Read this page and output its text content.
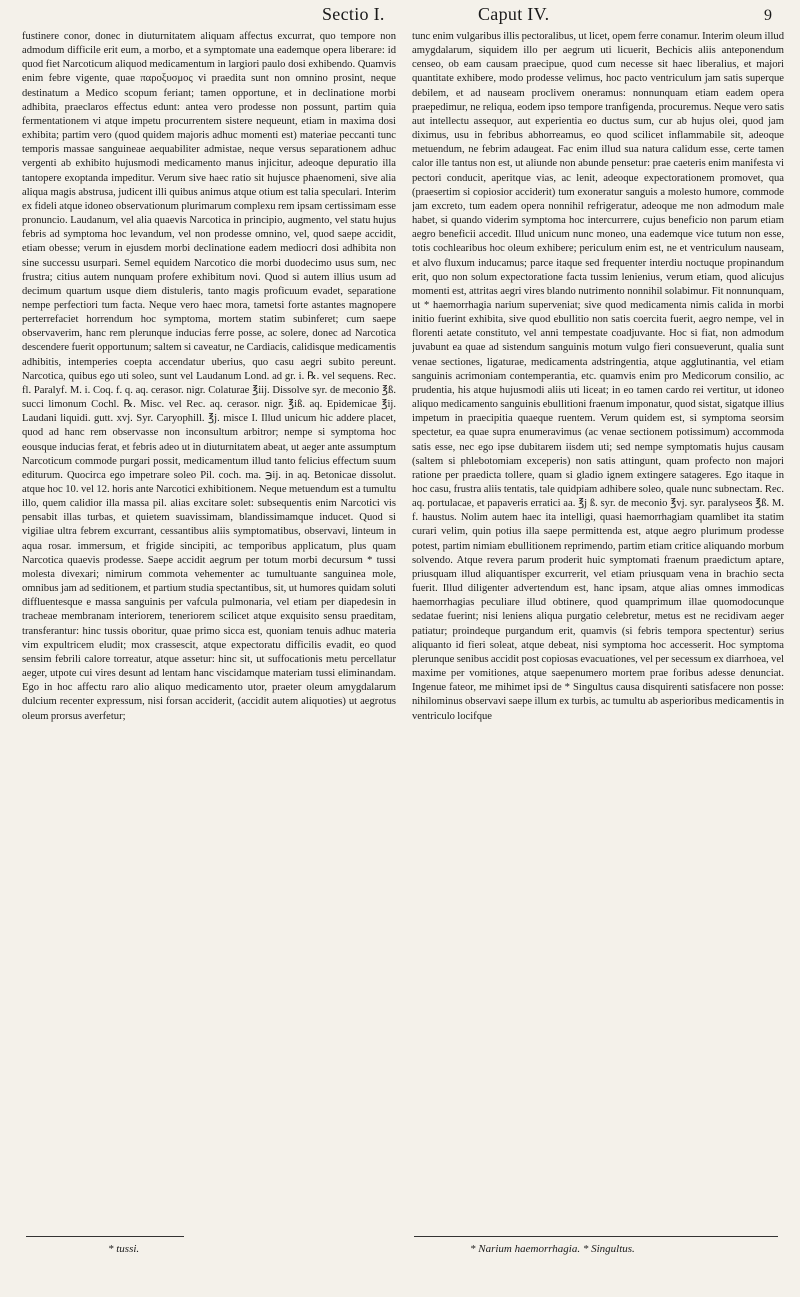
Sectio I.	Caput IV.	9

fustinere conor, donec in diuturnitatem aliquam affectus excurrat, quo tempore non admodum difficile erit eum, a morbo, et a symptomate una eademque opera liberare: id quod fiet Narcoticum aliquod medicamentum in largiori paulo dosi exhibendo. Quamvis enim febre vigente, quae παροξυσμος vi praedita sunt non omnino prosint, neque destinatum a Medico scopum feriant; tamen opportune, et in declinatione morbi adhibita, praeclaros effectus edunt: antea vero prodesse non possunt, partim quia fermentationem vi atque impetu procurrentem sistere nequeunt, etiam in maxima dosi exhibita; partim vero (quod quidem majoris adhuc momenti est) materiae peccanti tunc temporis massae sanguineae aequabiliter admistae, neque versus separationem adhuc vergenti ab exhibito hujusmodi medicamento manus injicitur, adeoque depuratio illa tantopere exoptanda impeditur. Verum sive haec ratio sit hujusce phaenomeni, sive alia aliqua magis abstrusa, judicent illi quibus animus atque otium est talia speculari. Interim ex fideli atque idoneo observationum plurimarum complexu rem ipsam certissimam esse pronuncio. Laudanum, vel alia quaevis Narcotica in principio, augmento, vel statu hujus febris ad symptoma hoc levandum, vel non prodesse omnino, vel, quod saepe accidit, etiam obesse; verum in ejusdem morbi declinatione eadem mediocri dosi adhibita non sine successu usurpari. Semel equidem Narcotico die morbi duodecimo usus sum, nec frustra; citius autem nunquam profere exhibitum novi. Quod si autem illius usum ad decimum quartum usque diem distuleris, tanto magis proficuum evadet, separatione nempe perfectiori tum facta. Neque vero haec mora, tametsi forte astantes magnopere perterrefaciet horrendum hoc symptoma, mortem statim subinferet; cum saepe observaverim, hanc rem plerunque inducias ferre posse, ac solere, donec ad Narcotica descendere fuerit opportunum; saltem si caveatur, ne Cardiacis, calidisque medicamentis adhibitis, intemperies coepta accendatur uberius, quo casu aegri subito pereunt. Narcotica, quibus ego uti soleo, sunt vel Laudanum Lond. ad gr. i. ℞. vel sequens. Rec. fl. Paralyf. M. i. Coq. f. q. aq. cerasor. nigr. Colaturae ℥iij. Dissolve syr. de meconio ℥ß. succi limonum Cochl. ℞. Misc. vel Rec. aq. cerasor. nigr. ℥iß. aq. Epidemicae ℥ij. Laudani liquidi. gutt. xvj. Syr. Caryophill. ℥j. misce I. Illud unicum hic addere placet, quod ad hanc rem observasse non inconsultum arbitror; nempe si symptoma hoc eousque inducias ferat, et febris adeo ut in diuturnitatem abeat, ut aeger ante assumptum Narcoticum commode purgari possit, medicamentum illud tanto felicius effectum suum editurum. Quocirca ego impetrare soleo Pil. coch. ma. ℈ij. in aq. Betonicae dissolut. atque hoc 10. vel 12. horis ante Narcotici exhibitionem. Neque metuendum est a tumultu illo, quem calidior illa massa pil. alias excitare solet: subsequentis enim Narcotici vis pensabit illas turbas, et quietem suavissimam, blandissimamque inducet. Quod si vigiliae ultra febrem excurrant, cessantibus aliis symptomatibus, observavi, linteum in aqua rosar. immersum, et frigide sincipiti, ac temporibus applicatum, plus quam Narcotica quaevis prodesse. Saepe accidit aegrum per totum morbi decursum * tussi molesta divexari; nimirum commota vehementer ac tumultuante sanguinea mole, omnibus jam ad seditionem, et partium studia spectantibus, sit, ut humores quidam soluti diffluentesque e massa sanguinis per vafcula pulmonaria, vel etiam per diapedesin in tracheae membranam interiorem, teneriorem scilicet atque exquisito sensu praeditam, transferantur: hinc tussis oboritur, quae primo sicca est, quoniam tenuis adhuc materia vim expultricem eludit; mox crassescit, atque expectoratu difficilis evadit, eo quod sensim febrili calore torreatur, atque assetur: hinc sit, ut suffocationis metu percellatur aeger, utpote cui vires desunt ad lentam hanc viscidamque materiam tussi eliminandam. Ego in hoc affectu raro alio aliquo medicamento utor, praeter oleum amygdalarum dulcium recenter expressum, nisi forsan acciderit, (accidit autem aliquoties) ut aegrotus oleum prorsus averfetur;

tunc enim vulgaribus illis pectoralibus, ut licet, opem ferre conamur. Interim oleum illud amygdalarum, siquidem illo per aegrum uti licuerit, Bechicis aliis anteponendum censeo, ob eam causam praecipue, quod cum necesse sit haec liberalius, et majori quantitate exhibere, modo prodesse velimus, hoc pacto ventriculum jam satis superque debilem, et ad nauseam proclivem oneramus: nonnunquam etiam eadem opera praepedimur, ne reliqua, eodem ipso tempore tranfigenda, procuremus. Neque vero satis aut intellectu assequor, aut experientia eo ductus sum, cur ab hujus olei, quod jam diximus, usu in febribus abhorreamus, eo quod scilicet inflammabile sit, adeoque metuendum, ne febrim adaugeat. Fac enim illud sua natura calidum esse, certe tamen calor ille tantus non est, ut aliunde non abunde pensetur: prae caeteris enim manifesta vi pectori conducit, aperitque vias, ac lenit, adeoque expectorationem promovet, qua (praesertim si copiosior acciderit) tum exoneratur sanguis a molesto humore, commode jam excreto, tum eadem opera nonnihil refrigeratur, adeoque me non admodum male habet, si quando viderim symptoma hoc intercurrere, cujus beneficio non parum etiam aegro beneficii accedit. Illud unicum nunc moneo, una eademque vice tutum non esse, totis cochlearibus hoc oleum exhibere; periculum enim est, ne et ventriculum nauseam, et alvo fluxum inducamus; parce itaque sed frequenter interdiu noctuque propinandum erit, quo non solum expectoratione facta tussim lenienius, verum etiam, quod alicujus momenti est, attritas aegri vires blando nutrimento nonnihil solabimur. Fit nonnunquam, ut * haemorrhagia narium superveniat; sive quod medicamenta nimis calida in morbi initio fuerint exhibita, sive quod ebullitio non satis coercita fuerit, aegro nempe, vel in florenti aetate constituto, vel anni tempestate coadjuvante. Hoc si fiat, non admodum juvabunt ea quae ad sistendum sanguinis motum vulgo fieri consueverunt, qualia sunt venae sectiones, ligaturae, medicamenta adstringentia, atque agglutinantia, vel etiam sanguinis acrimoniam contemperantia, etc. quamvis enim pro Medicorum consilio, ac prudentia, his atque hujusmodi aliis uti liceat; in eo tamen cardo rei vertitur, ut idoneo aliquo medicamento sanguinis ebullitioni fraenum imponatur, quod sistat, sigatque illius impetum in praecipitia quaeque ruentem. Verum quidem est, si symptoma seorsim spectetur, ea quae supra enumeravimus (ac venae sectionem potissimum) accommoda satis esse, nec ego ipse dubitarem iisdem uti; sed nempe symptomatis hujus causam (saltem si phlebotomiam exceperis) non satis attingunt, quam profecto non majori ratione per praedicta tollere, quam si gladio ignem extingere satageres. Ego itaque in hoc casu, frustra aliis tentatis, tale quidpiam adhibere soleo, quale nunc subnectam. Rec. aq. portulacae, et papaveris erratici aa. ℥j ß. syr. de meconio ℥vj. syr. paralyseos ℥ß. M. f. haustus. Nolim autem haec ita intelligi, quasi haemorrhagiam quamlibet ita statim curari velim, quin potius illa saepe permittenda est, atque aegro plurimum prodesse potest, partim nimiam ebullitionem reprimendo, partim etiam critice aliquando morbum solvendo. Atque revera parum proderit huic symptomati fraenum praedictum aptare, priusquam illud aliquantisper excurrerit, vel etiam priusquam vena in brachio secta fuerit. Illud diligenter advertendum est, hanc ipsam, atque alias omnes immodicas haemorrhagias peculiare illud obtinere, quod quamprimum illae quomodocunque sedatae fuerint; nisi leniens aliqua purgatio celebretur, metus est ne recidivam aeger patiatur; proindeque purgandum erit, quamvis (si febris tempora spectentur) serius aliquanto id fieri soleat, atque debeat, nisi symptoma hoc accesserit. Hoc symptoma plerunque senibus accidit post copiosas evacuationes, vel per secessum ex diarrhoea, vel maxime per vomitiones, atque saepenumero mortem prae foribus adesse denunciat. Ingenue fateor, me mihimet ipsi de * Singultus causa disquirenti satisfacere non posse: nihilominus observavi saepe illum ex turbis, ac tumultu ab asperioribus medicamentis in ventriculo locifque

* tussi.	* Narium haemorrhagia. * Singultus.
